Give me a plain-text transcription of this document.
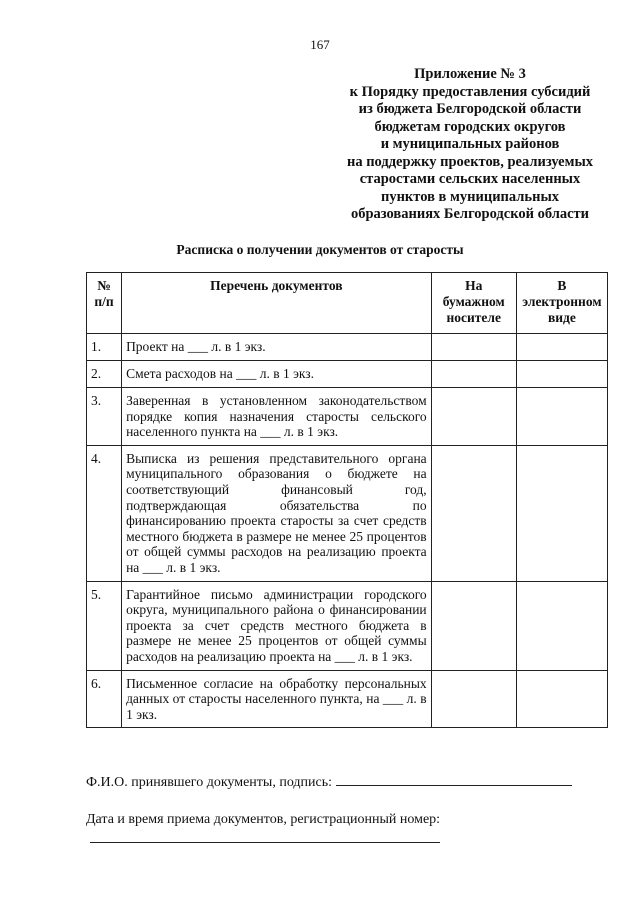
167
Приложение № 3
к Порядку предоставления субсидий
из бюджета Белгородской области
бюджетам городских округов
и муниципальных районов
на поддержку проектов, реализуемых
старостами сельских населенных
пунктов в муниципальных
образованиях Белгородской области
Расписка о получении документов от старосты
№ п/п	Перечень документов	На бумажном носителе	В электронном виде
1.	Проект на ___ л. в 1 экз.		
2.	Смета расходов на ___ л. в 1 экз.		
3.	Заверенная в установленном законодательством порядке копия назначения старосты сельского населенного пункта на ___ л. в 1 экз.		
4.	Выписка из решения представительного органа муниципального образования о бюджете на соответствующий финансовый год, подтверждающая обязательства по финансированию проекта старосты за счет средств местного бюджета в размере не менее 25 процентов от общей суммы расходов на реализацию проекта на ___ л. в 1 экз.		
5.	Гарантийное письмо администрации городского округа, муниципального района о финансировании проекта за счет средств местного бюджета в размере не менее 25 процентов от общей суммы расходов на реализацию проекта на ___ л. в 1 экз.		
6.	Письменное согласие на обработку персональных данных от старосты населенного пункта, на ___ л. в 1 экз.		
Ф.И.О. принявшего документы, подпись:
Дата и время приема документов, регистрационный номер:
